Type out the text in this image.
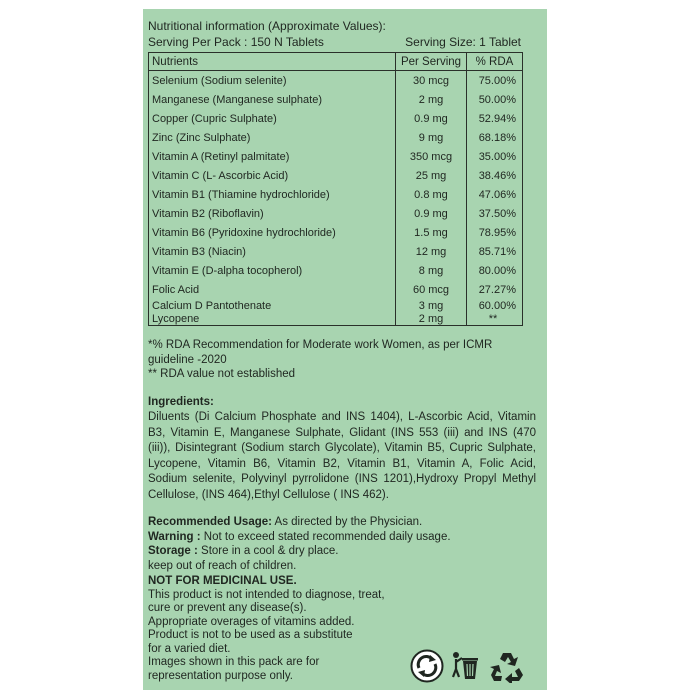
Nutritional information (Approximate Values):
Serving Per Pack : 150 N Tablets	Serving Size: 1 Tablet
Nutrients	Per Serving	% RDA
Selenium (Sodium selenite)	30 mcg	75.00%
Manganese (Manganese sulphate)	2 mg	50.00%
Copper (Cupric Sulphate)	0.9 mg	52.94%
Zinc (Zinc Sulphate)	9 mg	68.18%
Vitamin A (Retinyl palmitate)	350 mcg	35.00%
Vitamin C (L- Ascorbic Acid)	25 mg	38.46%
Vitamin B1 (Thiamine hydrochloride)	0.8 mg	47.06%
Vitamin B2 (Riboflavin)	0.9 mg	37.50%
Vitamin B6 (Pyridoxine hydrochloride)	1.5 mg	78.95%
Vitamin B3 (Niacin)	12 mg	85.71%
Vitamin E (D-alpha tocopherol)	8 mg	80.00%
Folic Acid	60 mcg	27.27%
Calcium D Pantothenate	3 mg	60.00%
Lycopene	2 mg	**
*% RDA Recommendation for Moderate work Women, as per ICMR
guideline -2020
** RDA value not established
Ingredients:
Diluents (Di Calcium Phosphate and INS 1404), L-Ascorbic Acid, Vitamin B3, Vitamin E, Manganese Sulphate, Glidant (INS 553 (iii) and INS (470 (iii)), Disintegrant (Sodium starch Glycolate), Vitamin B5, Cupric Sulphate, Lycopene, Vitamin B6, Vitamin B2, Vitamin B1, Vitamin A, Folic Acid, Sodium selenite, Polyvinyl pyrrolidone (INS 1201),Hydroxy Propyl Methyl Cellulose, (INS 464),Ethyl Cellulose ( INS 462).
Recommended Usage: As directed by the Physician.
Warning : Not to exceed stated recommended daily usage.
Storage : Store in a cool & dry place.
keep out of reach of children.
NOT FOR MEDICINAL USE.
This product is not intended to diagnose, treat,
cure or prevent any disease(s).
Appropriate overages of vitamins added.
Product is not to be used as a substitute
for a varied diet.
Images shown in this pack are for
representation purpose only.
